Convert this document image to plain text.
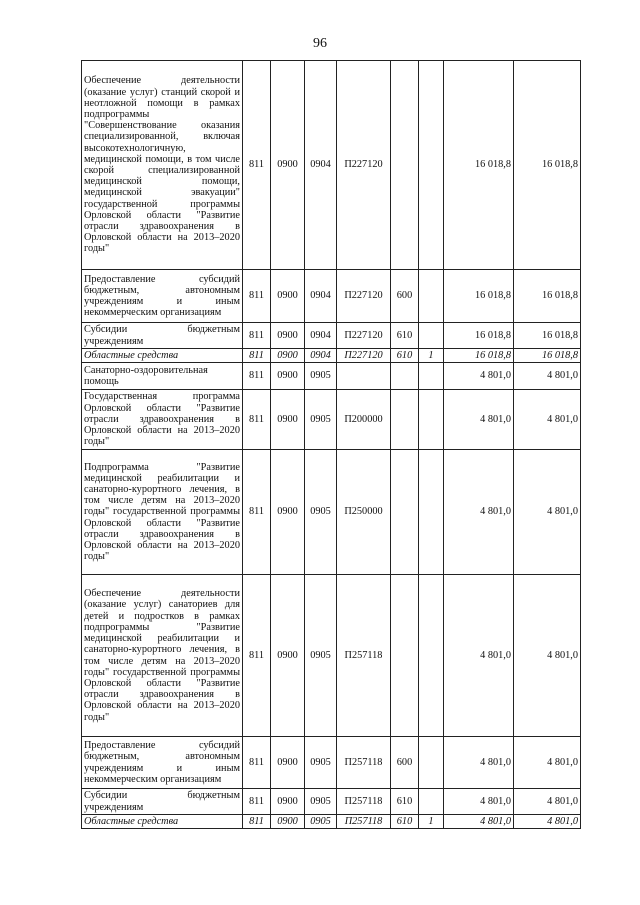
96
Обеспечение деятельности (оказание услуг) станций скорой и неотложной помощи в рамках подпрограммы "Совершенствование оказания специализированной, включая высокотехнологичную, медицинской помощи, в том числе скорой специализированной медицинской помощи, медицинской эвакуации" государственной программы Орловской области "Развитие отрасли здравоохранения в Орловской области на 2013–2020 годы"	811	0900	0904	П227120			16 018,8	16 018,8
Предоставление субсидий бюджетным, автономным учреждениям и иным некоммерческим организациям	811	0900	0904	П227120	600		16 018,8	16 018,8
Субсидии бюджетным учреждениям	811	0900	0904	П227120	610		16 018,8	16 018,8
Областные средства	811	0900	0904	П227120	610	1	16 018,8	16 018,8
Санаторно-оздоровительная помощь	811	0900	0905				4 801,0	4 801,0
Государственная программа Орловской области "Развитие отрасли здравоохранения в Орловской области на 2013–2020 годы"	811	0900	0905	П200000			4 801,0	4 801,0
Подпрограмма "Развитие медицинской реабилитации и санаторно-курортного лечения, в том числе детям на 2013–2020 годы" государственной программы Орловской области "Развитие отрасли здравоохранения в Орловской области на 2013–2020 годы"	811	0900	0905	П250000			4 801,0	4 801,0
Обеспечение деятельности (оказание услуг) санаториев для детей и подростков в рамках подпрограммы "Развитие медицинской реабилитации и санаторно-курортного лечения, в том числе детям на 2013–2020 годы" государственной программы Орловской области "Развитие отрасли здравоохранения в Орловской области на 2013–2020 годы"	811	0900	0905	П257118			4 801,0	4 801,0
Предоставление субсидий бюджетным, автономным учреждениям и иным некоммерческим организациям	811	0900	0905	П257118	600		4 801,0	4 801,0
Субсидии бюджетным учреждениям	811	0900	0905	П257118	610		4 801,0	4 801,0
Областные средства	811	0900	0905	П257118	610	1	4 801,0	4 801,0
